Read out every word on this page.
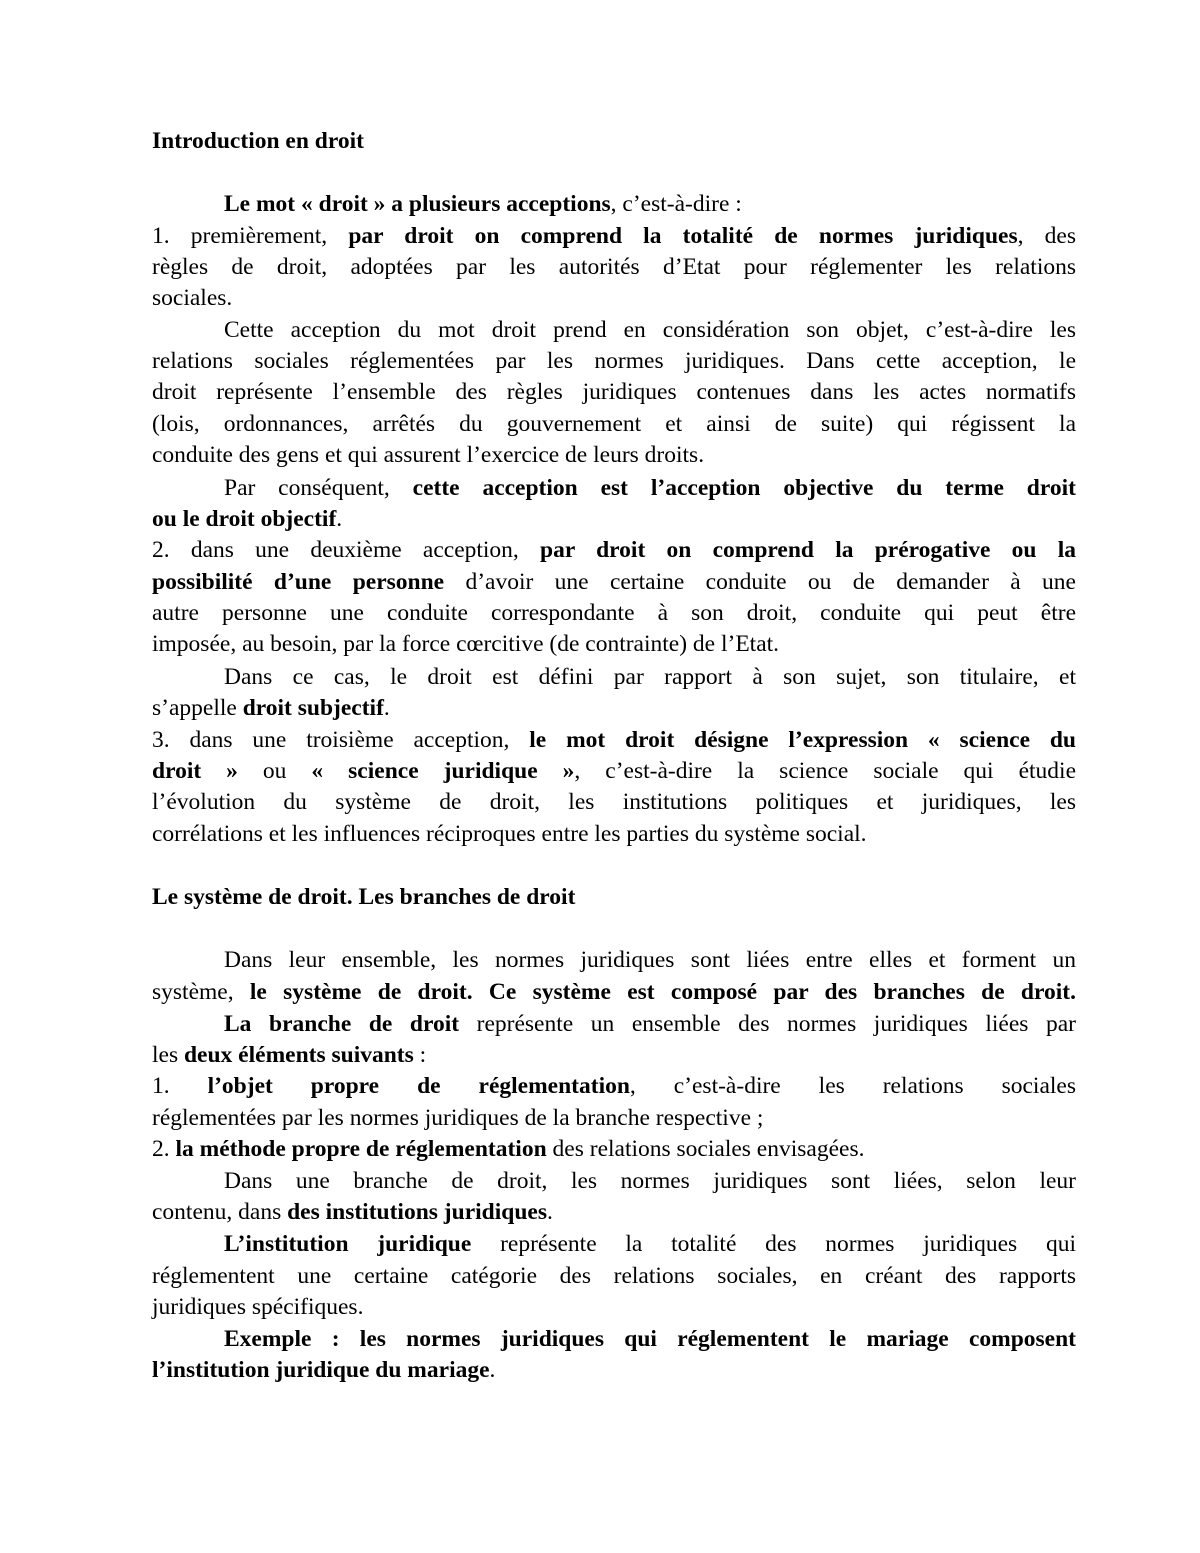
Introduction en droit
Le mot « droit » a plusieurs acceptions, c’est-à-dire :
1. premièrement, par droit on comprend la totalité de normes juridiques, des
règles de droit, adoptées par les autorités d’Etat pour réglementer les relations
sociales.
Cette acception du mot droit prend en considération son objet, c’est-à-dire les
relations sociales réglementées par les normes juridiques. Dans cette acception, le
droit représente l’ensemble des règles juridiques contenues dans les actes normatifs
(lois, ordonnances, arrêtés du gouvernement et ainsi de suite) qui régissent la
conduite des gens et qui assurent l’exercice de leurs droits.
Par conséquent, cette acception est l’acception objective du terme droit
ou le droit objectif.
2. dans une deuxième acception, par droit on comprend la prérogative ou la
possibilité d’une personne d’avoir une certaine conduite ou de demander à une
autre personne une conduite correspondante à son droit, conduite qui peut être
imposée, au besoin, par la force cœrcitive (de contrainte) de l’Etat.
Dans ce cas, le droit est défini par rapport à son sujet, son titulaire, et
s’appelle droit subjectif.
3. dans une troisième acception, le mot droit désigne l’expression « science du
droit » ou « science juridique », c’est-à-dire la science sociale qui étudie
l’évolution du système de droit, les institutions politiques et juridiques, les
corrélations et les influences réciproques entre les parties du système social.
Le système de droit. Les branches de droit
Dans leur ensemble, les normes juridiques sont liées entre elles et forment un
système, le système de droit. Ce système est composé par des branches de droit.
La branche de droit représente un ensemble des normes juridiques liées par
les deux éléments suivants :
1. l’objet propre de réglementation, c’est-à-dire les relations sociales
réglementées par les normes juridiques de la branche respective ;
2. la méthode propre de réglementation des relations sociales envisagées.
Dans une branche de droit, les normes juridiques sont liées, selon leur
contenu, dans des institutions juridiques.
L’institution juridique représente la totalité des normes juridiques qui
réglementent une certaine catégorie des relations sociales, en créant des rapports
juridiques spécifiques.
Exemple : les normes juridiques qui réglementent le mariage composent
l’institution juridique du mariage.
